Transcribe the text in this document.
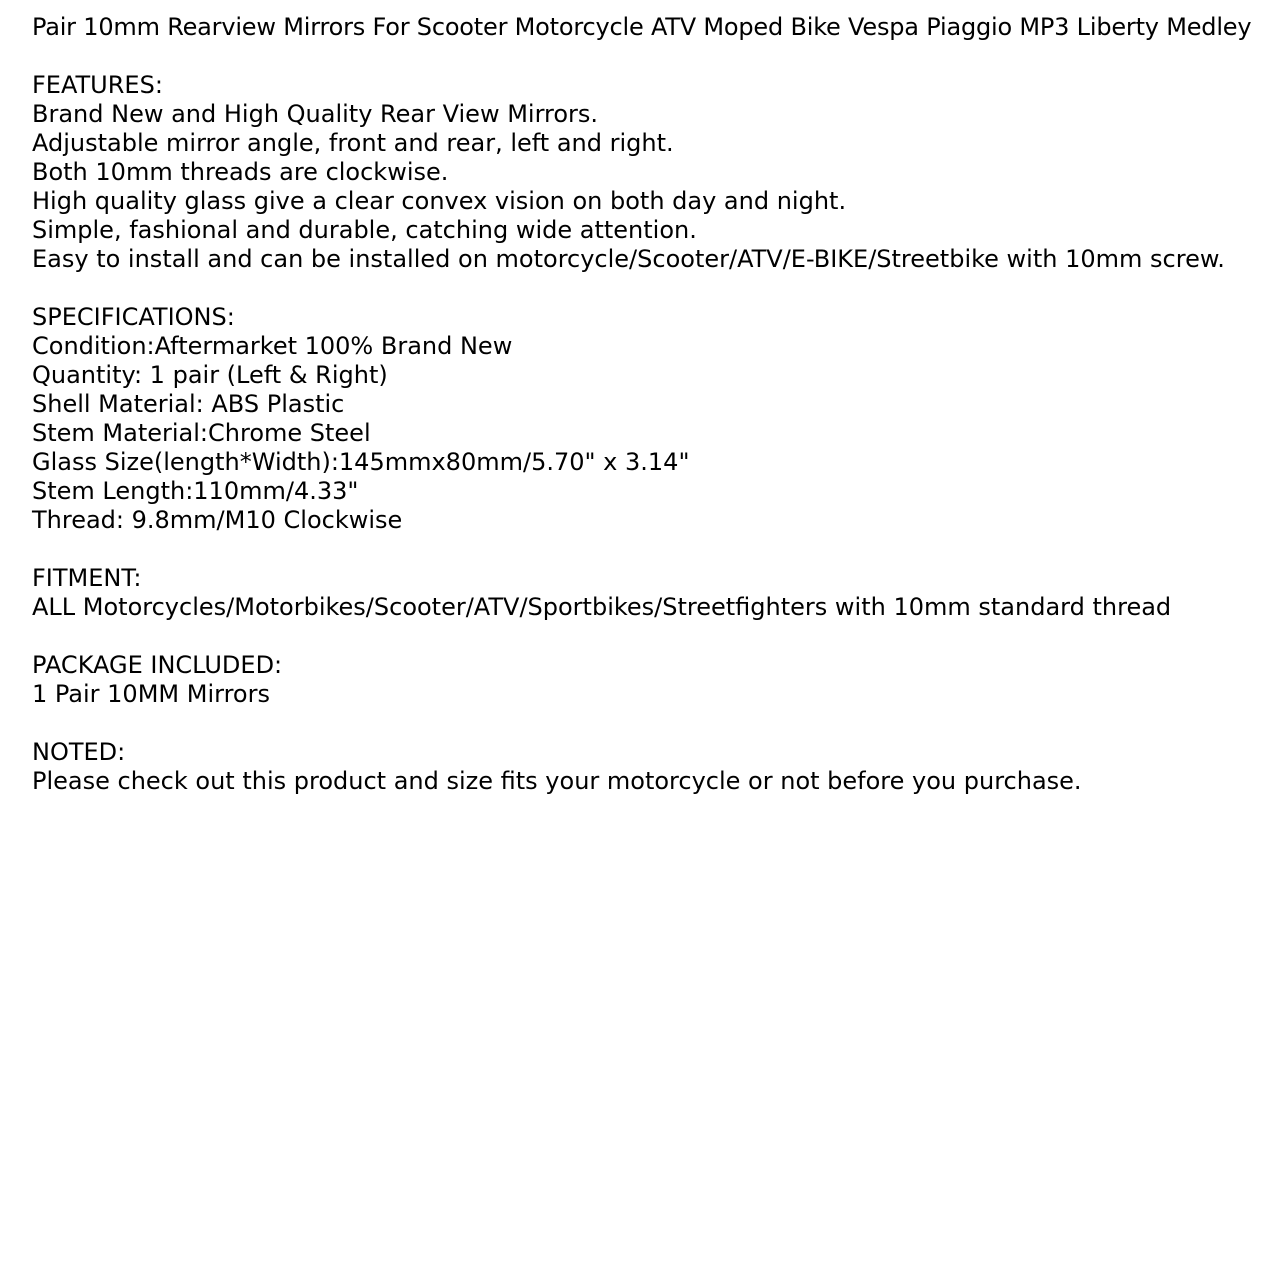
Pair 10mm Rearview Mirrors For Scooter Motorcycle ATV Moped Bike Vespa Piaggio MP3 Liberty Medley
FEATURES:
Brand New and High Quality Rear View Mirrors.
Adjustable mirror angle, front and rear, left and right.
Both 10mm threads are clockwise.
High quality glass give a clear convex vision on both day and night.
Simple, fashional and durable, catching wide attention.
Easy to install and can be installed on motorcycle/Scooter/ATV/E-BIKE/Streetbike with 10mm screw.
SPECIFICATIONS:
Condition:Aftermarket 100% Brand New
Quantity: 1 pair (Left & Right)
Shell Material: ABS Plastic
Stem Material:Chrome Steel
Glass Size(length*Width):145mmx80mm/5.70" x 3.14"
Stem Length:110mm/4.33"
Thread: 9.8mm/M10 Clockwise
FITMENT:
ALL Motorcycles/Motorbikes/Scooter/ATV/Sportbikes/Streetfighters with 10mm standard thread
PACKAGE INCLUDED:
1 Pair 10MM Mirrors
NOTED:
Please check out this product and size fits your motorcycle or not before you purchase.
